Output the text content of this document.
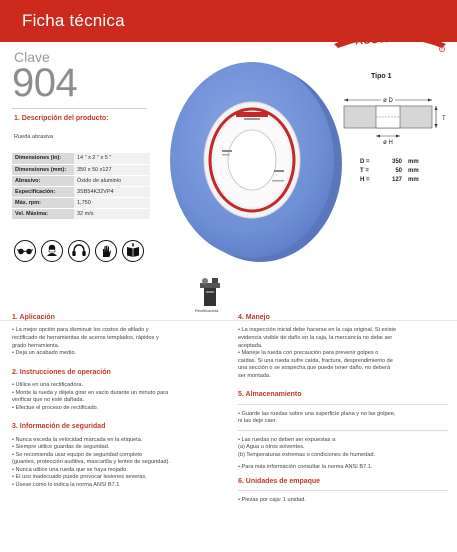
Ficha técnica
AUSTROMEX
®
Clave
904
1. Descripción del producto:
Rueda abrasiva
Dimensiones (in):	14 " x 2 " x 5 "
Dimensiones (mm):	350 x 50 x127
Abrasivo:	Óxido de aluminio
Especificación:	3SB54K32VP4
Máx. rpm:	1,750
Vel. Máxima:	32 m/s
Tipo 1
ø D
T
ø H
D =	350	mm
T =	50	mm
H =	127	mm
Rectificadora

1. Aplicación

• La mejor opción para disminuir los costos de afilado y

rectificado de herramientas de aceros templados, rápidos y

grado herramienta.

• Deja un acabado medio.

2. Instrucciones de operación

• Utilice en una rectificadora.

• Monte la rueda y déjela girar en vacio durante un minuto para

verificar que no esté dañada.

• Efectue el proceso de rectificado.

3. Información de seguridad

• Nunca exceda la velocidad marcada en la etiqueta.

• Siempre utilice guardas de seguridad.

• Se recomienda usar equipo de seguridad completo

(guantes, protección auditiva, mascarilla y lentes de seguridad).

• Nunca utilice una rueda que se haya mojado.

• El uso inadecuado puede provocar lesiones severas.

• Úsese como lo indica la norma ANSI B7.1

4. Manejo

• La inspección inicial debe hacerse en la caja original. Si existe

evidencia visible de daño en la caja, la mercancía no debe ser

aceptada.

• Maneje la rueda con precaución para prevenir golpes o

caídas. Si una rueda sufre caída, fractura, desprendimiento de

una sección o se sospecha que puede tener daño, no deberá

ser montada.

5. Almacenamiento

• Guarde las ruedas sobre una superficie plana y no las golpee,

ni las deje caer.

• Las ruedas no deben ser expuestas a:

(a) Agua u otros solventes.

(b) Temperaturas extremas o condiciones de humedad.

• Para más información consultar la norma ANSI B7.1.

6. Unidades de empaque

• Piezas por caja: 1 unidad.
